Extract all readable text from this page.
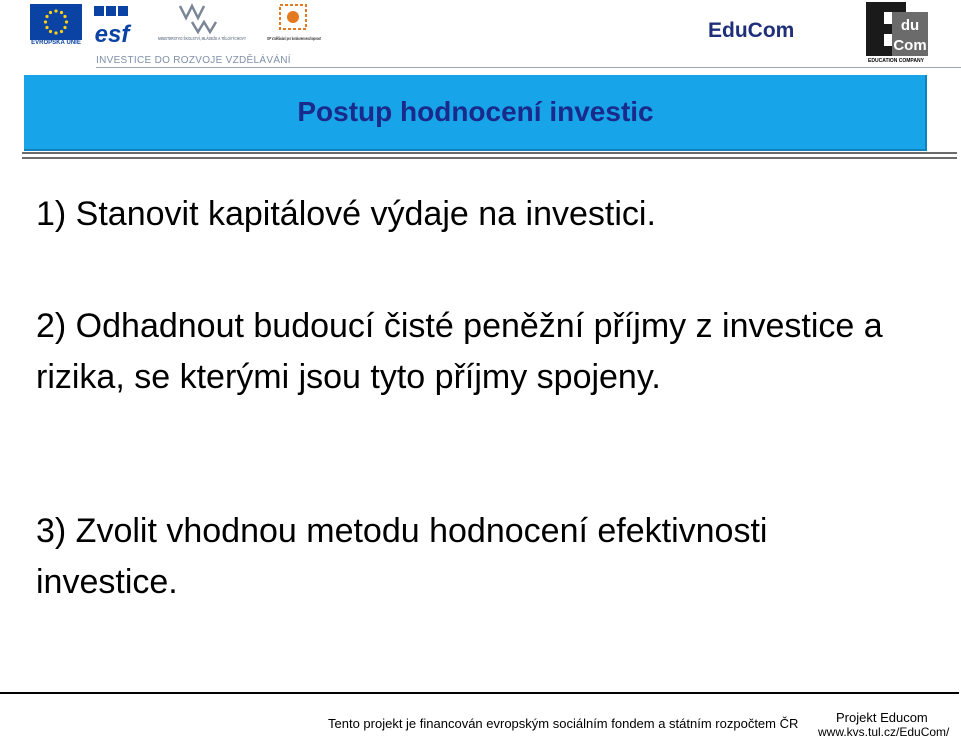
EVROPSKÁ UNIE esf	MINISTERSTVO ŠKOLSTVÍ, MLÁDEŽE A TĚLOVÝCHOVY
OP Vzdělávání pro konkurenceschopnost
INVESTICE DO ROZVOJE VZDĚLÁVÁNÍ
EduCom	du
Com
EDUCATION COMPANY
Postup hodnocení investic
1) Stanovit kapitálové výdaje na investici.
2) Odhadnout budoucí čisté peněžní příjmy z investice a rizika, se kterými jsou tyto příjmy spojeny.
3) Zvolit vhodnou metodu hodnocení efektivnosti investice.
Tento projekt je financován evropským sociálním fondem a státním rozpočtem ČR	Projekt Educom
www.kvs.tul.cz/EduCom/
